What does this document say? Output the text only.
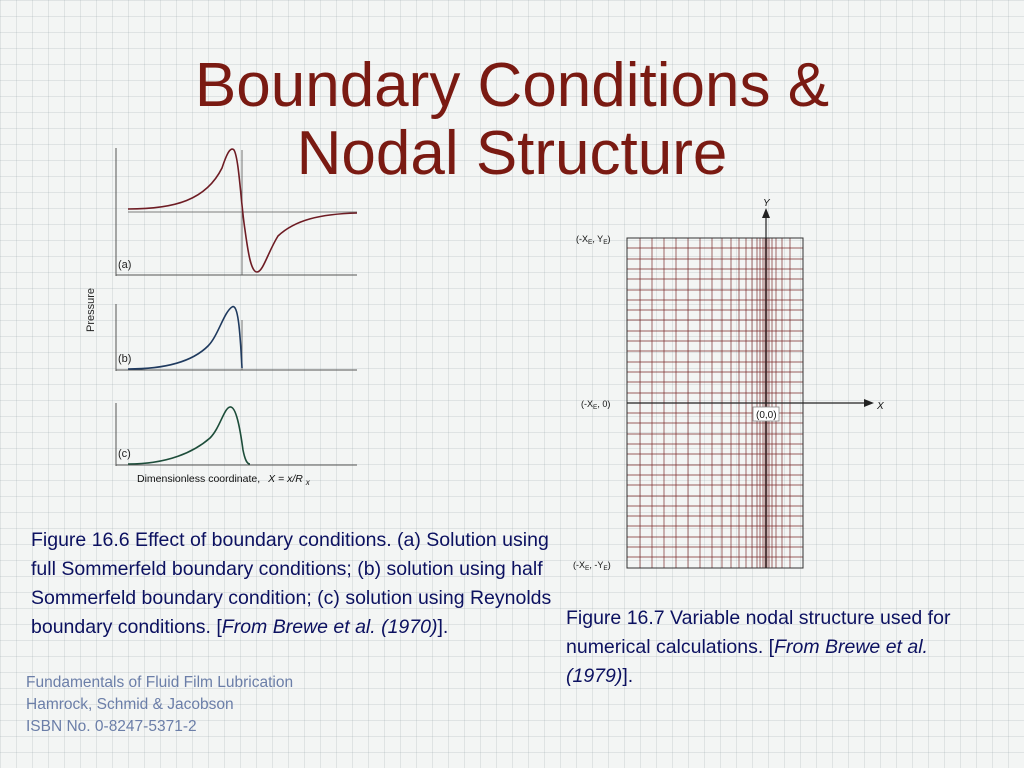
Boundary Conditions &
Nodal Structure
Pressure
(a)
(b)
(c)
Dimensionless coordinate, X = x/R $_x$
Y
X
(0,0)
($-X_E$, $Y_E$)
($-X_E$, 0)
($-X_E$, $-Y_E$)
Figure 16.6 Effect of boundary conditions. (a) Solution using full Sommerfeld boundary conditions; (b) solution using half Sommerfeld boundary condition; (c) solution using Reynolds boundary conditions. [From Brewe et al. (1970)].	Figure 16.7 Variable nodal structure used for numerical calculations. [From Brewe et al. (1979)].
Fundamentals of Fluid Film Lubrication
Hamrock, Schmid & Jacobson
ISBN No. 0-8247-5371-2
